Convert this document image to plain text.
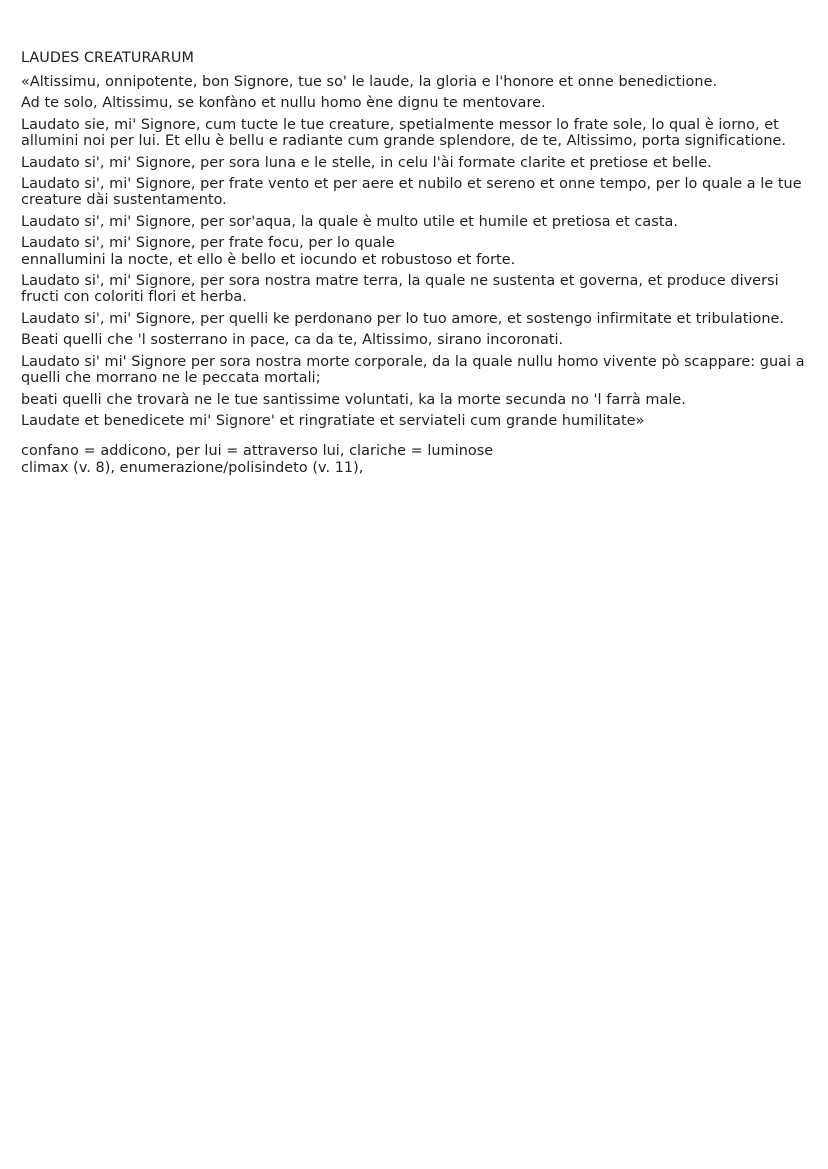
LAUDES CREATURARUM

«Altissimu, onnipotente, bon Signore, tue so' le laude, la gloria e l'honore et onne benedictione.

Ad te solo, Altissimu, se konfàno et nullu homo ène dignu te mentovare.

Laudato sie, mi' Signore, cum tucte le tue creature, spetialmente messor lo frate sole, lo qual è iorno, et allumini noi per lui. Et ellu è bellu e radiante cum grande splendore, de te, Altissimo, porta significatione.

Laudato si', mi' Signore, per sora luna e le stelle, in celu l'ài formate clarite et pretiose et belle.

Laudato si', mi' Signore, per frate vento et per aere et nubilo et sereno et onne tempo, per lo quale a le tue creature dài sustentamento.

Laudato si', mi' Signore, per sor'aqua, la quale è multo utile et humile et pretiosa et casta.

Laudato si', mi' Signore, per frate focu, per lo quale
ennallumini la nocte, et ello è bello et iocundo et robustoso et forte.

Laudato si', mi' Signore, per sora nostra matre terra, la quale ne sustenta et governa, et produce diversi fructi con coloriti flori et herba.

Laudato si', mi' Signore, per quelli ke perdonano per lo tuo amore, et sostengo infirmitate et tribulatione.

Beati quelli che 'l sosterrano in pace, ca da te, Altissimo, sirano incoronati.

Laudato si' mi' Signore per sora nostra morte corporale, da la quale nullu homo vivente pò scappare: guai a quelli che morrano ne le peccata mortali;

beati quelli che trovarà ne le tue santissime voluntati, ka la morte secunda no 'l farrà male.

Laudate et benedicete mi' Signore' et ringratiate et serviateli cum grande humilitate»

confano = addicono, per lui = attraverso lui, clariche = luminose
climax (v. 8), enumerazione/polisindeto (v. 11),
